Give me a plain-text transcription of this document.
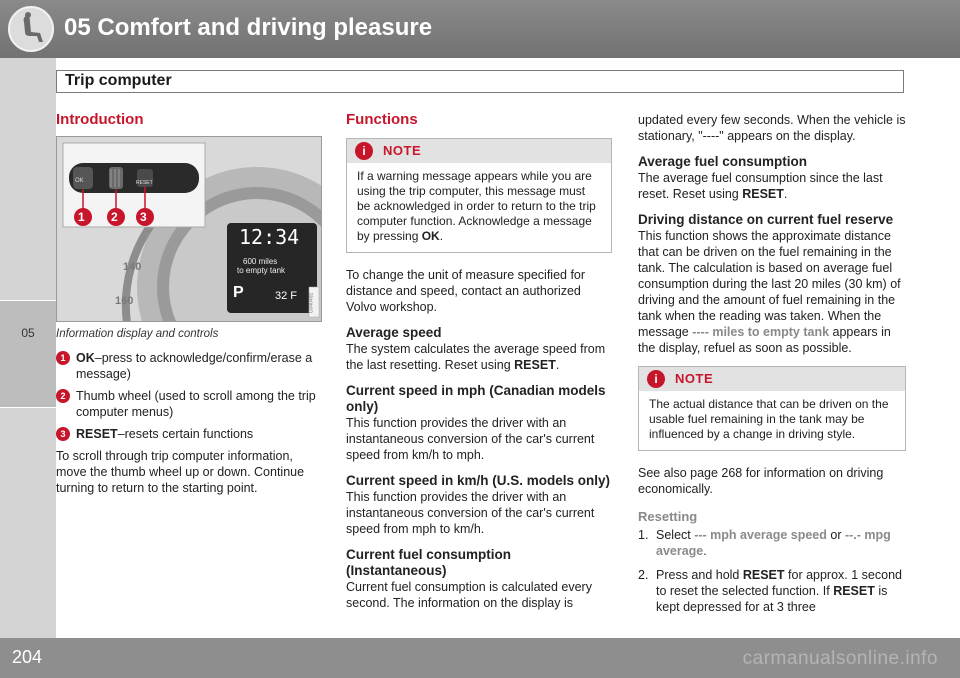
05 Comfort and driving pleasure
Trip computer
05
Introduction
1 2 3
OK	RESET
12:34
600 miles
to empty tank
P	32 F
140
160	G0404d1
Information display and controls
1 OK–press to acknowledge/confirm/erase a message)
2 Thumb wheel (used to scroll among the trip computer menus)
3 RESET–resets certain functions

To scroll through trip computer information, move the thumb wheel up or down. Continue turning to return to the starting point.

Functions
i	NOTE
If a warning message appears while you are using the trip computer, this message must be acknowledged in order to return to the trip computer function. Acknowledge a message by pressing OK.

To change the unit of measure specified for distance and speed, contact an authorized Volvo workshop.

Average speed

The system calculates the average speed from the last resetting. Reset using RESET.

Current speed in mph (Canadian models only)

This function provides the driver with an instantaneous conversion of the car's current speed from km/h to mph.

Current speed in km/h (U.S. models only)

This function provides the driver with an instantaneous conversion of the car's current speed from mph to km/h.

Current fuel consumption (Instantaneous)

Current fuel consumption is calculated every second. The information on the display is

updated every few seconds. When the vehicle is stationary, "----" appears on the display.

Average fuel consumption

The average fuel consumption since the last reset. Reset using RESET.

Driving distance on current fuel reserve

This function shows the approximate distance that can be driven on the fuel remaining in the tank. The calculation is based on average fuel consumption during the last 20 miles (30 km) of driving and the amount of fuel remaining in the tank when the reading was taken. When the message ---- miles to empty tank appears in the display, refuel as soon as possible.

i	NOTE
The actual distance that can be driven on the usable fuel remaining in the tank may be influenced by a change in driving style.

See also page 268 for information on driving economically.

Resetting
1. Select --- mph average speed or --.- mpg average.
2. Press and hold RESET for approx. 1 second to reset the selected function. If RESET is kept depressed for at 3 three
204	carmanualsonline.info
